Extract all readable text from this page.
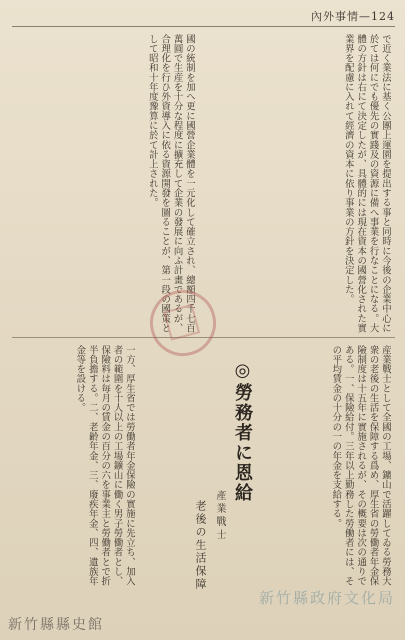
內外事情—124
で近く業法に基く公團上運園を提出する事と同時に今後の企業中心に於ては何にでも優先の實踐及の資源に備へ事業を行なことになる。大體の方針は右にて決定したが、具體的には現在資本の國營化された實業界を配慮に入れて經濟の資本に依り事業の方針を決定した。
國の統制を加へ更に國營企業體を一元化して確立され、總額四千七百萬圓で生産を十分な程度に擴充して企業の發展に向ふ計畫であるが、合理化を行ひ外資導入に依る資源開發を圖ることが、第一段の國策として昭和十年度豫算に於て計上された。
◎勞務者に恩給 產業戰士 老後の生活保障	産業戰士として全國の工場、鑛山で活躍してゐる勞務大衆の老後の生活を保障する爲め、厚生省の勞働者年金保險制度は十五年に實施されるが、その概要は次の通りである。一、保險給付。三年以上勤務した勞働者には、その平均賃金の十分の一の年金を支給する。
一方、厚生省では勞働者年金保險の實施に先立ち、加入者の範圍を十人以上の工場鑛山に働く男子勞働者とし、保險料は毎月の賃金の百分の六を事業主と勞働者とで折半負擔する。二、老齢年金、三、廢疾年金、四、遺族年金等を設ける。
新竹縣政府文化局
新竹縣縣史館
